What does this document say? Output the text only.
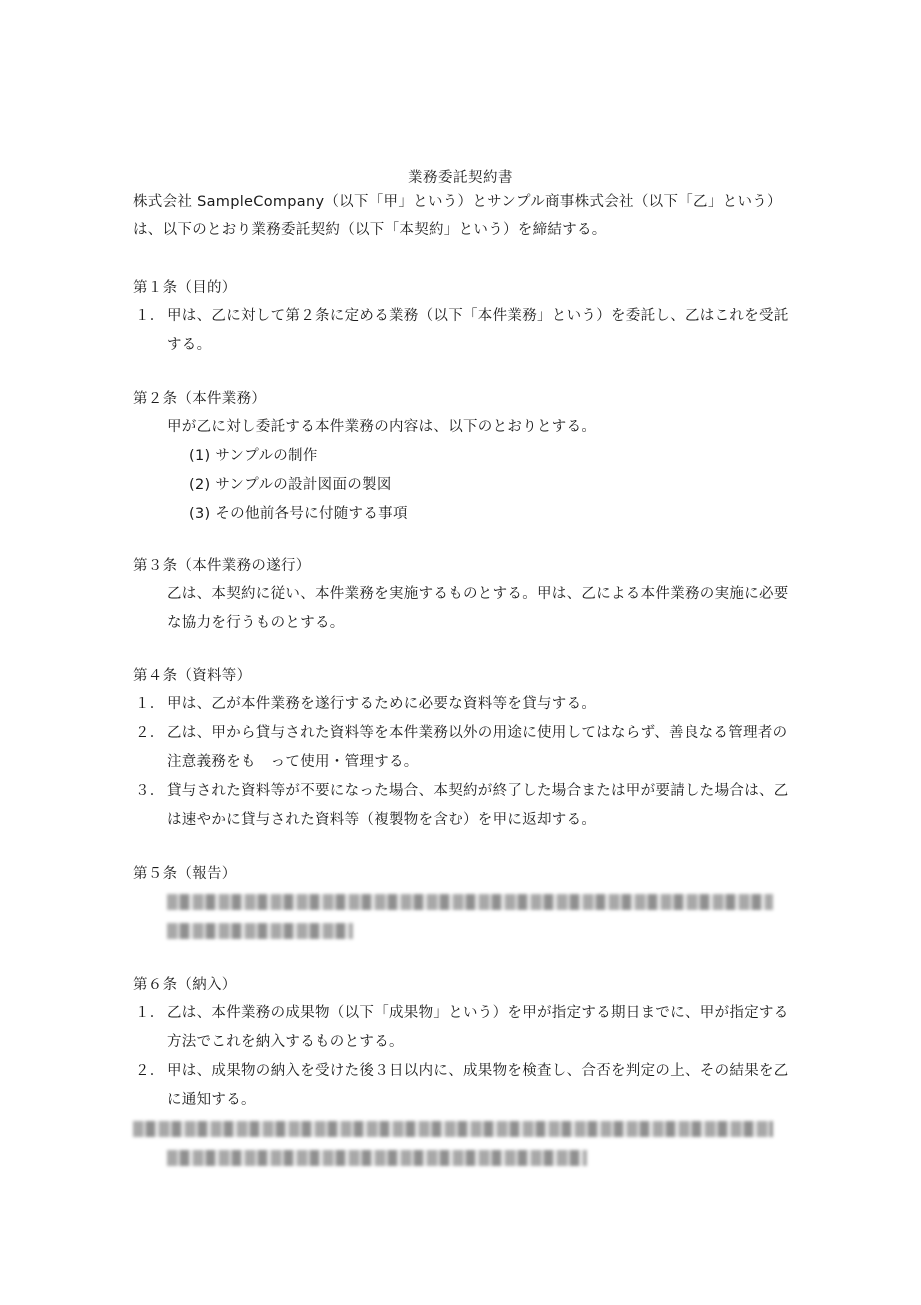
業務委託契約書
株式会社 SampleCompany（以下「甲」という）とサンプル商事株式会社（以下「乙」という）は、以下のとおり業務委託契約（以下「本契約」という）を締結する。
第１条（目的）
１． 甲は、乙に対して第２条に定める業務（以下「本件業務」という）を委託し、乙はこれを受託する。
第２条（本件業務）
甲が乙に対し委託する本件業務の内容は、以下のとおりとする。
(1) サンプルの制作
(2) サンプルの設計図面の製図
(3) その他前各号に付随する事項
第３条（本件業務の遂行）
乙は、本契約に従い、本件業務を実施するものとする。甲は、乙による本件業務の実施に必要な協力を行うものとする。
第４条（資料等）
１． 甲は、乙が本件業務を遂行するために必要な資料等を貸与する。
２． 乙は、甲から貸与された資料等を本件業務以外の用途に使用してはならず、善良なる管理者の注意義務をも　って使用・管理する。
３． 貸与された資料等が不要になった場合、本契約が終了した場合または甲が要請した場合は、乙は速やかに貸与された資料等（複製物を含む）を甲に返却する。
第５条（報告）
第６条（納入）
１． 乙は、本件業務の成果物（以下「成果物」という）を甲が指定する期日までに、甲が指定する方法でこれを納入するものとする。
２． 甲は、成果物の納入を受けた後３日以内に、成果物を検査し、合否を判定の上、その結果を乙に通知する。
